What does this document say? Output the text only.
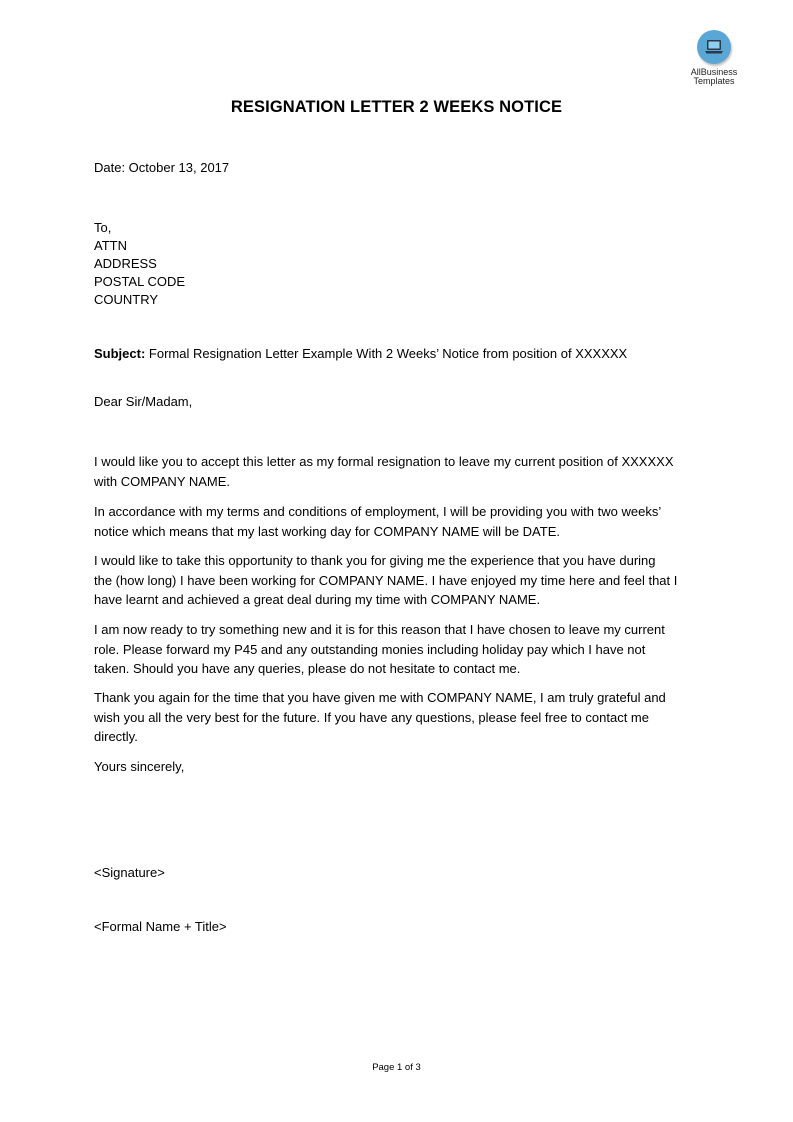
AllBusiness
Templates
RESIGNATION LETTER 2 WEEKS NOTICE
Date: October 13, 2017
To,
ATTN
ADDRESS
POSTAL CODE
COUNTRY
Subject: Formal Resignation Letter Example With 2 Weeks’ Notice from position of XXXXXX
Dear Sir/Madam,
I would like you to accept this letter as my formal resignation to leave my current position of XXXXXX
with COMPANY NAME.
In accordance with my terms and conditions of employment, I will be providing you with two weeks’
notice which means that my last working day for COMPANY NAME will be DATE.
I would like to take this opportunity to thank you for giving me the experience that you have during
the (how long) I have been working for COMPANY NAME. I have enjoyed my time here and feel that I
have learnt and achieved a great deal during my time with COMPANY NAME.
I am now ready to try something new and it is for this reason that I have chosen to leave my current
role. Please forward my P45 and any outstanding monies including holiday pay which I have not
taken. Should you have any queries, please do not hesitate to contact me.
Thank you again for the time that you have given me with COMPANY NAME, I am truly grateful and
wish you all the very best for the future. If you have any questions, please feel free to contact me
directly.
Yours sincerely,
<Signature>
<Formal Name + Title>
Page 1 of 3
